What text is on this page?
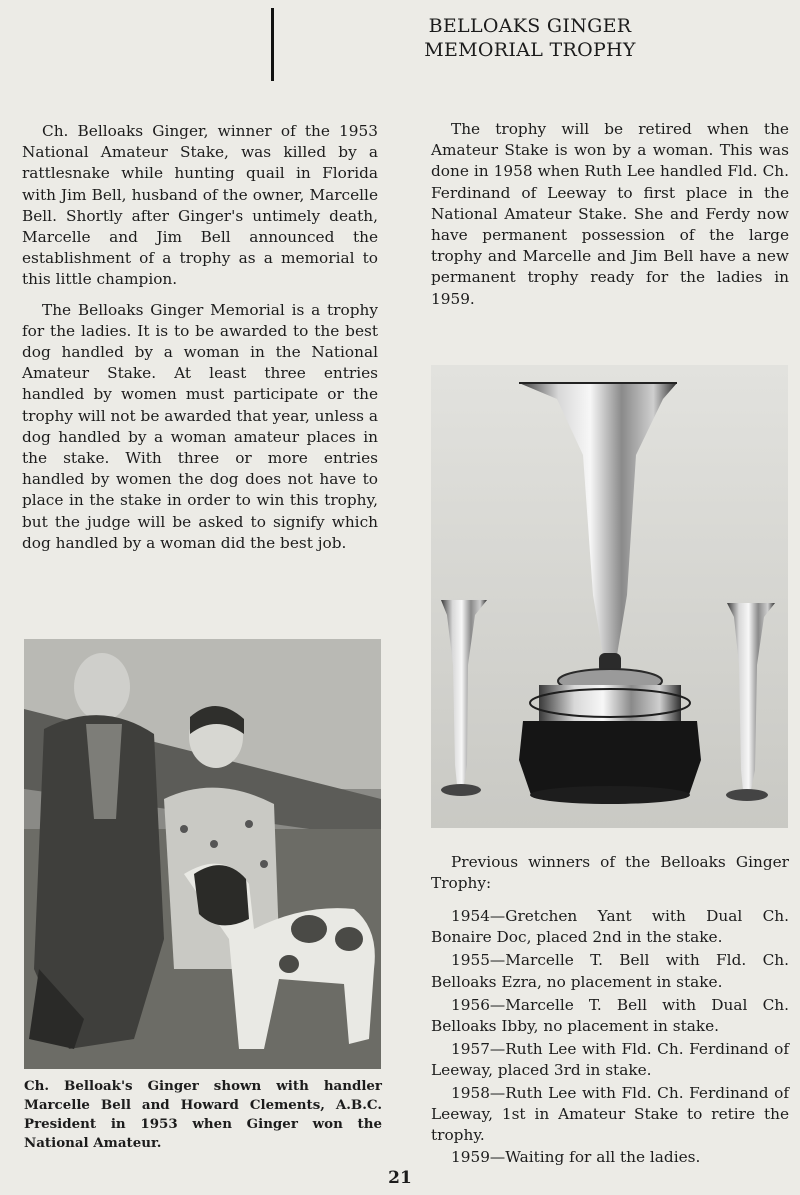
BELLOAKS GINGER
MEMORIAL TROPHY

Ch. Belloaks Ginger, winner of the 1953 National Amateur Stake, was killed by a rattlesnake while hunting quail in Florida with Jim Bell, husband of the owner, Marcelle Bell. Shortly after Ginger's untimely death, Marcelle and Jim Bell announced the establishment of a trophy as a memorial to this little champion.

The Belloaks Ginger Memorial is a trophy for the ladies. It is to be awarded to the best dog handled by a woman in the National Amateur Stake. At least three entries handled by women must participate or the trophy will not be awarded that year, unless a dog handled by a woman amateur places in the stake. With three or more entries handled by women the dog does not have to place in the stake in order to win this trophy, but the judge will be asked to signify which dog handled by a woman did the best job.

The trophy will be retired when the Amateur Stake is won by a woman. This was done in 1958 when Ruth Lee handled Fld. Ch. Ferdinand of Leeway to first place in the National Amateur Stake. She and Ferdy now have permanent possession of the large trophy and Marcelle and Jim Bell have a new permanent trophy ready for the ladies in 1959.

Ch. Belloak's Ginger shown with handler Marcelle Bell and Howard Clements, A.B.C. President in 1953 when Ginger won the National Amateur.

Previous winners of the Belloaks Ginger Trophy:

1954—Gretchen Yant with Dual Ch. Bonaire Doc, placed 2nd in the stake.
1955—Marcelle T. Bell with Fld. Ch. Belloaks Ezra, no placement in stake.
1956—Marcelle T. Bell with Dual Ch. Belloaks Ibby, no placement in stake.
1957—Ruth Lee with Fld. Ch. Ferdinand of Leeway, placed 3rd in stake.
1958—Ruth Lee with Fld. Ch. Ferdinand of Leeway, 1st in Amateur Stake to retire the trophy.
1959—Waiting for all the ladies.
21
